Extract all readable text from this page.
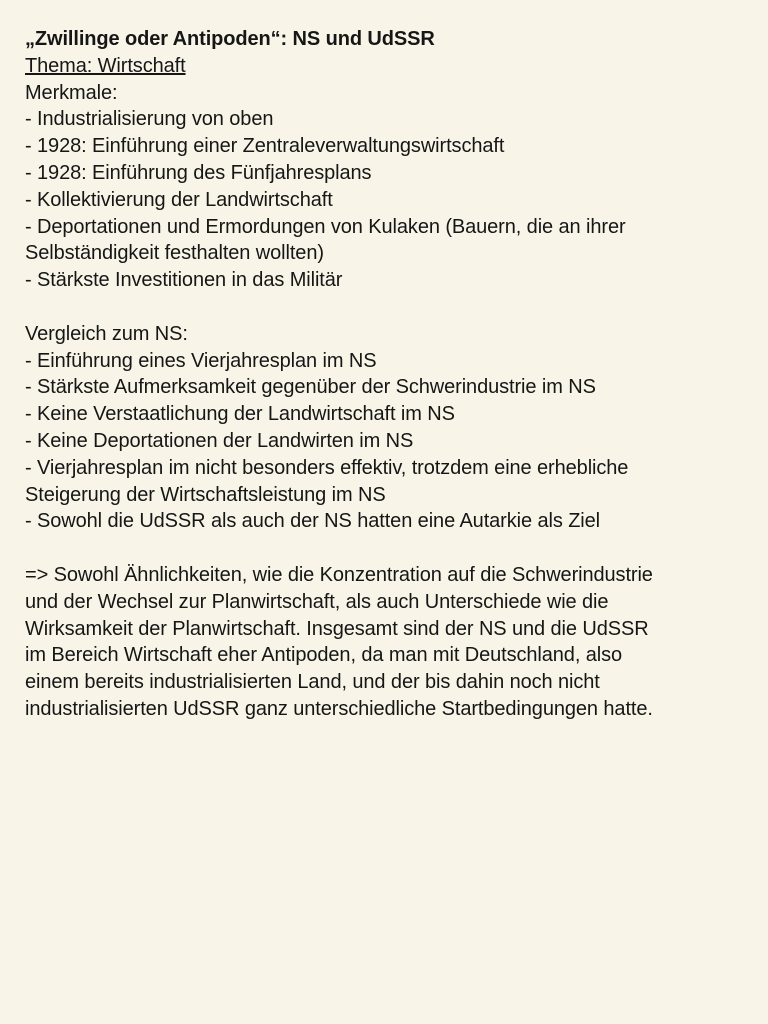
„Zwillinge oder Antipoden“: NS und UdSSR
Thema: Wirtschaft
Merkmale:
- Industrialisierung von oben
- 1928: Einführung einer Zentraleverwaltungswirtschaft
- 1928: Einführung des Fünfjahresplans
- Kollektivierung der Landwirtschaft
- Deportationen und Ermordungen von Kulaken (Bauern, die an ihrer
Selbständigkeit festhalten wollten)
- Stärkste Investitionen in das Militär
Vergleich zum NS:
- Einführung eines Vierjahresplan im NS
- Stärkste Aufmerksamkeit gegenüber der Schwerindustrie im NS
- Keine Verstaatlichung der Landwirtschaft im NS
- Keine Deportationen der Landwirten im NS
- Vierjahresplan im nicht besonders effektiv, trotzdem eine erhebliche
Steigerung der Wirtschaftsleistung im NS
- Sowohl die UdSSR als auch der NS hatten eine Autarkie als Ziel
=> Sowohl Ähnlichkeiten, wie die Konzentration auf die Schwerindustrie
und der Wechsel zur Planwirtschaft, als auch Unterschiede wie die
Wirksamkeit der Planwirtschaft. Insgesamt sind der NS und die UdSSR
im Bereich Wirtschaft eher Antipoden, da man mit Deutschland, also
einem bereits industrialisierten Land, und der bis dahin noch nicht
industrialisierten UdSSR ganz unterschiedliche Startbedingungen hatte.
